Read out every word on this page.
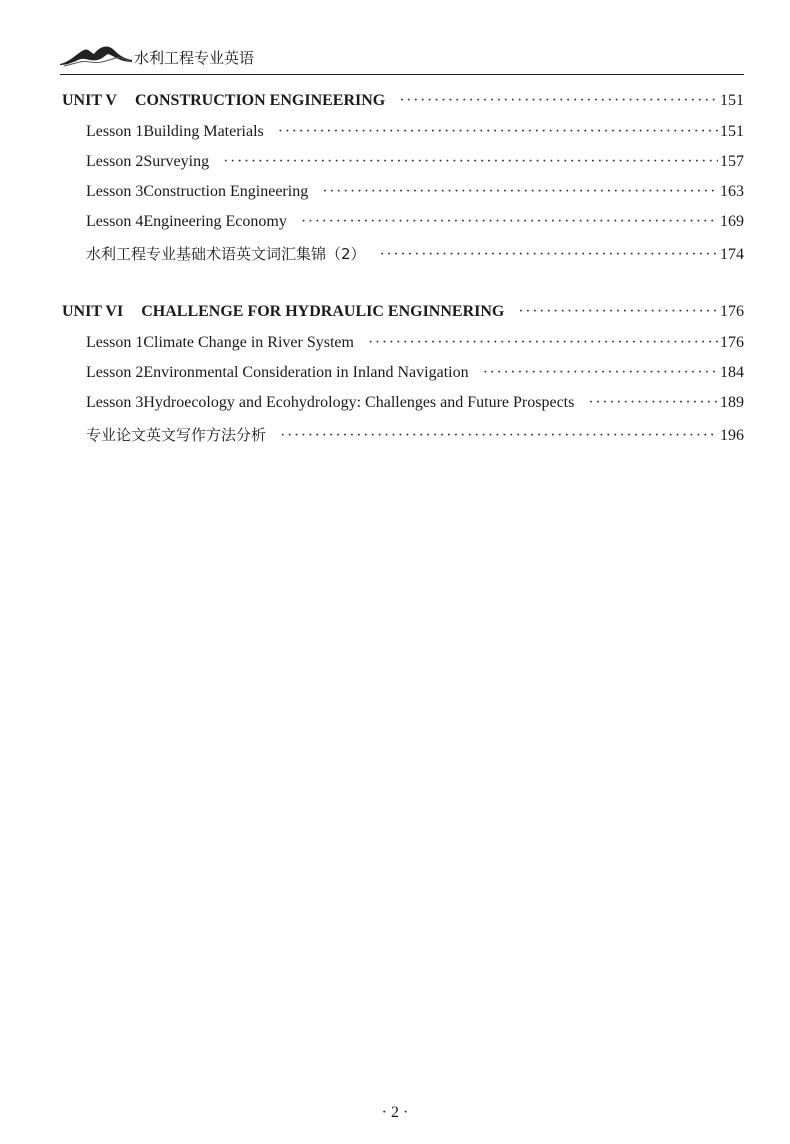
水利工程专业英语
UNIT V CONSTRUCTION ENGINEERING ·····	151
Lesson 1 Building Materials ·····	151
Lesson 2 Surveying ·····	157
Lesson 3 Construction Engineering ·····	163
Lesson 4 Engineering Economy ·····	169
水利工程专业基础术语英文词汇集锦（2） ·····	174
UNIT VI CHALLENGE FOR HYDRAULIC ENGINNERING ·····	176
Lesson 1 Climate Change in River System ·····	176
Lesson 2 Environmental Consideration in Inland Navigation ·····	184
Lesson 3 Hydroecology and Ecohydrology: Challenges and Future Prospects ·····	189
专业论文英文写作方法分析 ·····	196
· 2 ·
